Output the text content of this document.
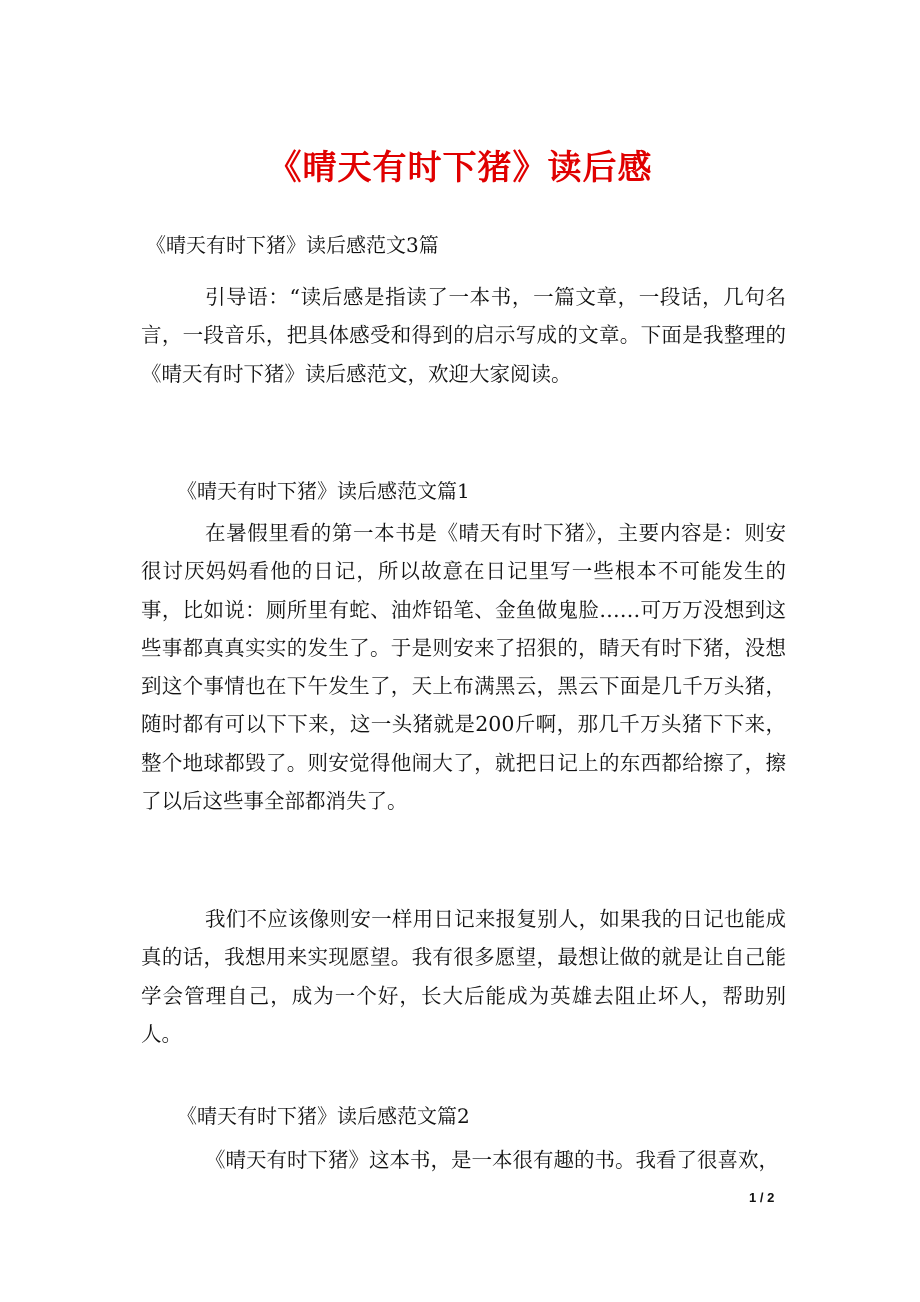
《晴天有时下猪》读后感
《晴天有时下猪》读后感范文3篇

引导语：“读后感是指读了一本书，一篇文章，一段话，几句名言，一段音乐，把具体感受和得到的启示写成的文章。下面是我整理的《晴天有时下猪》读后感范文，欢迎大家阅读。

《晴天有时下猪》读后感范文篇1

在暑假里看的第一本书是《晴天有时下猪》，主要内容是：则安很讨厌妈妈看他的日记，所以故意在日记里写一些根本不可能发生的事，比如说：厕所里有蛇、油炸铅笔、金鱼做鬼脸……可万万没想到这些事都真真实实的发生了。于是则安来了招狠的，睛天有时下猪，没想到这个事情也在下午发生了，天上布满黑云，黑云下面是几千万头猪，随时都有可以下下来，这一头猪就是200斤啊，那几千万头猪下下来，整个地球都毁了。则安觉得他闹大了，就把日记上的东西都给擦了，擦了以后这些事全部都消失了。

我们不应该像则安一样用日记来报复别人，如果我的日记也能成真的话，我想用来实现愿望。我有很多愿望，最想让做的就是让自己能学会管理自己，成为一个好，长大后能成为英雄去阻止坏人，帮助别人。

《晴天有时下猪》读后感范文篇2

《晴天有时下猪》这本书，是一本很有趣的书。我看了很喜欢，

1 / 2
